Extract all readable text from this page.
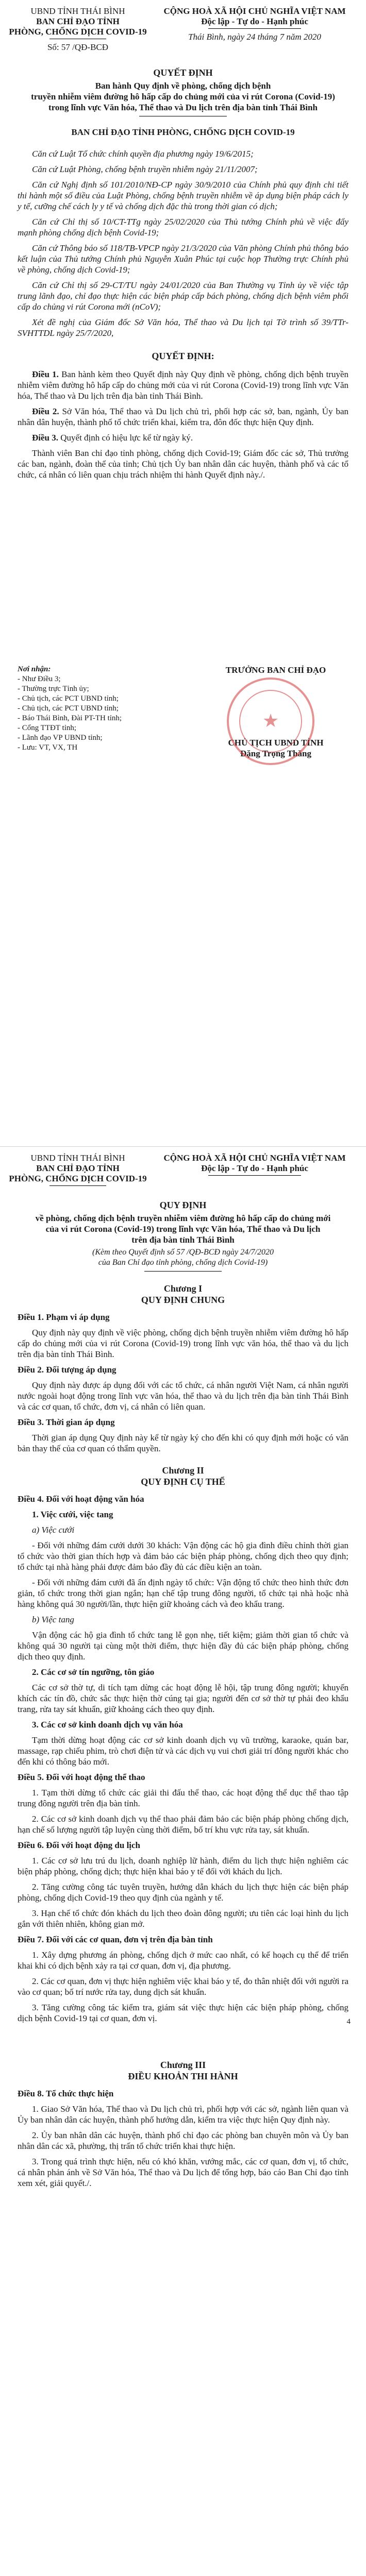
UBND TỈNH THÁI BÌNH
BAN CHỈ ĐẠO TỈNH
PHÒNG, CHỐNG DỊCH COVID-19
Số: 57 /QĐ-BCĐ
CỘNG HOÀ XÃ HỘI CHỦ NGHĨA VIỆT NAM
Độc lập - Tự do - Hạnh phúc
Thái Bình, ngày 24 tháng 7 năm 2020

QUYẾT ĐỊNH

Ban hành Quy định về phòng, chống dịch bệnh
truyền nhiễm viêm đường hô hấp cấp do chủng mới của vi rút Corona (Covid-19)
trong lĩnh vực Văn hóa, Thể thao và Du lịch trên địa bàn tỉnh Thái Bình

BAN CHỈ ĐẠO TỈNH PHÒNG, CHỐNG DỊCH COVID-19

Căn cứ Luật Tổ chức chính quyền địa phương ngày 19/6/2015;

Căn cứ Luật Phòng, chống bệnh truyền nhiễm ngày 21/11/2007;

Căn cứ Nghị định số 101/2010/NĐ-CP ngày 30/9/2010 của Chính phủ quy định chi tiết thi hành một số điều của Luật Phòng, chống bệnh truyền nhiễm về áp dụng biện pháp cách ly y tế, cưỡng chế cách ly y tế và chống dịch đặc thù trong thời gian có dịch;

Căn cứ Chỉ thị số 10/CT-TTg ngày 25/02/2020 của Thủ tướng Chính phủ về việc đẩy mạnh phòng chống dịch bệnh Covid-19;

Căn cứ Thông báo số 118/TB-VPCP ngày 21/3/2020 của Văn phòng Chính phủ thông báo kết luận của Thủ tướng Chính phủ Nguyễn Xuân Phúc tại cuộc họp Thường trực Chính phủ về phòng, chống dịch Covid-19;

Căn cứ Chỉ thị số 29-CT/TU ngày 24/01/2020 của Ban Thường vụ Tỉnh ủy về việc tập trung lãnh đạo, chỉ đạo thực hiện các biện pháp cấp bách phòng, chống dịch bệnh viêm phổi cấp do chủng vi rút Corona mới (nCoV);

Xét đề nghị của Giám đốc Sở Văn hóa, Thể thao và Du lịch tại Tờ trình số 39/TTr-SVHTTDL ngày 25/7/2020,

QUYẾT ĐỊNH:

Điều 1. Ban hành kèm theo Quyết định này Quy định về phòng, chống dịch bệnh truyền nhiễm viêm đường hô hấp cấp do chủng mới của vi rút Corona (Covid-19) trong lĩnh vực Văn hóa, Thể thao và Du lịch trên địa bàn tỉnh Thái Bình.

Điều 2. Sở Văn hóa, Thể thao và Du lịch chủ trì, phối hợp các sở, ban, ngành, Ủy ban nhân dân huyện, thành phố tổ chức triển khai, kiểm tra, đôn đốc thực hiện Quy định.

Điều 3. Quyết định có hiệu lực kể từ ngày ký.

Thành viên Ban chỉ đạo tỉnh phòng, chống dịch Covid-19; Giám đốc các sở, Thủ trưởng các ban, ngành, đoàn thể của tỉnh; Chủ tịch Ủy ban nhân dân các huyện, thành phố và các tổ chức, cá nhân có liên quan chịu trách nhiệm thi hành Quyết định này./.

Nơi nhận:
- Như Điều 3;
- Thường trực Tỉnh ủy;
- Chủ tịch, các PCT UBND tỉnh;
- Chủ tịch, các PCT UBND tỉnh;
- Báo Thái Bình, Đài PT-TH tỉnh;
- Cổng TTĐT tỉnh;
- Lãnh đạo VP UBND tỉnh;
- Lưu: VT, VX, TH
TRƯỞNG BAN CHỈ ĐẠO
CHỦ TỊCH UBND TỈNH
Đặng Trọng Thăng
★
UBND TỈNH THÁI BÌNH
BAN CHỈ ĐẠO TỈNH
PHÒNG, CHỐNG DỊCH COVID-19
CỘNG HOÀ XÃ HỘI CHỦ NGHĨA VIỆT NAM
Độc lập - Tự do - Hạnh phúc

QUY ĐỊNH

về phòng, chống dịch bệnh truyền nhiễm viêm đường hô hấp cấp do chủng mới
của vi rút Corona (Covid-19) trong lĩnh vực Văn hóa, Thể thao và Du lịch
trên địa bàn tỉnh Thái Bình
(Kèm theo Quyết định số 57 /QĐ-BCĐ ngày 24/7/2020
của Ban Chỉ đạo tỉnh phòng, chống dịch Covid-19)

Chương I

QUY ĐỊNH CHUNG

Điều 1. Phạm vi áp dụng

Quy định này quy định về việc phòng, chống dịch bệnh truyền nhiễm viêm đường hô hấp cấp do chủng mới của vi rút Corona (Covid-19) trong lĩnh vực văn hóa, thể thao và du lịch trên địa bàn tỉnh Thái Bình.

Điều 2. Đối tượng áp dụng

Quy định này được áp dụng đối với các tổ chức, cá nhân người Việt Nam, cá nhân người nước ngoài hoạt động trong lĩnh vực văn hóa, thể thao và du lịch trên địa bàn tỉnh Thái Bình và các cơ quan, tổ chức, đơn vị, cá nhân có liên quan.

Điều 3. Thời gian áp dụng

Thời gian áp dụng Quy định này kể từ ngày ký cho đến khi có quy định mới hoặc có văn bản thay thế của cơ quan có thẩm quyền.

Chương II

QUY ĐỊNH CỤ THỂ

Điều 4. Đối với hoạt động văn hóa

1. Việc cưới, việc tang

a) Việc cưới

- Đối với những đám cưới dưới 30 khách: Vận động các hộ gia đình điều chỉnh thời gian tổ chức vào thời gian thích hợp và đảm bảo các biện pháp phòng, chống dịch theo quy định; tổ chức tại nhà hàng phải được đảm bảo đầy đủ các điều kiện an toàn.

- Đối với những đám cưới đã ấn định ngày tổ chức: Vận động tổ chức theo hình thức đơn giản, tổ chức trong thời gian ngắn; hạn chế tập trung đông người, tổ chức tại nhà hoặc nhà hàng không quá 30 người/lần, thực hiện giữ khoảng cách và đeo khẩu trang.

b) Việc tang

Vận động các hộ gia đình tổ chức tang lễ gọn nhẹ, tiết kiệm; giảm thời gian tổ chức và không quá 30 người tại cùng một thời điểm, thực hiện đầy đủ các biện pháp phòng, chống dịch theo quy định.

2. Các cơ sở tín ngưỡng, tôn giáo

Các cơ sở thờ tự, di tích tạm dừng các hoạt động lễ hội, tập trung đông người; khuyến khích các tín đồ, chức sắc thực hiện thờ cúng tại gia; người đến cơ sở thờ tự phải đeo khẩu trang, rửa tay sát khuẩn, giữ khoảng cách theo quy định.

3. Các cơ sở kinh doanh dịch vụ văn hóa

Tạm thời dừng hoạt động các cơ sở kinh doanh dịch vụ vũ trường, karaoke, quán bar, massage, rạp chiếu phim, trò chơi điện tử và các dịch vụ vui chơi giải trí đông người khác cho đến khi có thông báo mới.

Điều 5. Đối với hoạt động thể thao

1. Tạm thời dừng tổ chức các giải thi đấu thể thao, các hoạt động thể dục thể thao tập trung đông người trên địa bàn tỉnh.

2. Các cơ sở kinh doanh dịch vụ thể thao phải đảm bảo các biện pháp phòng chống dịch, hạn chế số lượng người tập luyện cùng thời điểm, bố trí khu vực rửa tay, sát khuẩn.

Điều 6. Đối với hoạt động du lịch

1. Các cơ sở lưu trú du lịch, doanh nghiệp lữ hành, điểm du lịch thực hiện nghiêm các biện pháp phòng, chống dịch; thực hiện khai báo y tế đối với khách du lịch.

2. Tăng cường công tác tuyên truyền, hướng dẫn khách du lịch thực hiện các biện pháp phòng, chống dịch Covid-19 theo quy định của ngành y tế.

3. Hạn chế tổ chức đón khách du lịch theo đoàn đông người; ưu tiên các loại hình du lịch gắn với thiên nhiên, không gian mở.

Điều 7. Đối với các cơ quan, đơn vị trên địa bàn tỉnh

1. Xây dựng phương án phòng, chống dịch ở mức cao nhất, có kế hoạch cụ thể để triển khai khi có dịch bệnh xảy ra tại cơ quan, đơn vị, địa phương.

2. Các cơ quan, đơn vị thực hiện nghiêm việc khai báo y tế, đo thân nhiệt đối với người ra vào cơ quan; bố trí nước rửa tay, dung dịch sát khuẩn.

3. Tăng cường công tác kiểm tra, giám sát việc thực hiện các biện pháp phòng, chống dịch bệnh Covid-19 tại cơ quan, đơn vị.	4

Chương III

ĐIỀU KHOẢN THI HÀNH

Điều 8. Tổ chức thực hiện

1. Giao Sở Văn hóa, Thể thao và Du lịch chủ trì, phối hợp với các sở, ngành liên quan và Ủy ban nhân dân các huyện, thành phố hướng dẫn, kiểm tra việc thực hiện Quy định này.

2. Ủy ban nhân dân các huyện, thành phố chỉ đạo các phòng ban chuyên môn và Ủy ban nhân dân các xã, phường, thị trấn tổ chức triển khai thực hiện.

3. Trong quá trình thực hiện, nếu có khó khăn, vướng mắc, các cơ quan, đơn vị, tổ chức, cá nhân phản ánh về Sở Văn hóa, Thể thao và Du lịch để tổng hợp, báo cáo Ban Chỉ đạo tỉnh xem xét, giải quyết./.
